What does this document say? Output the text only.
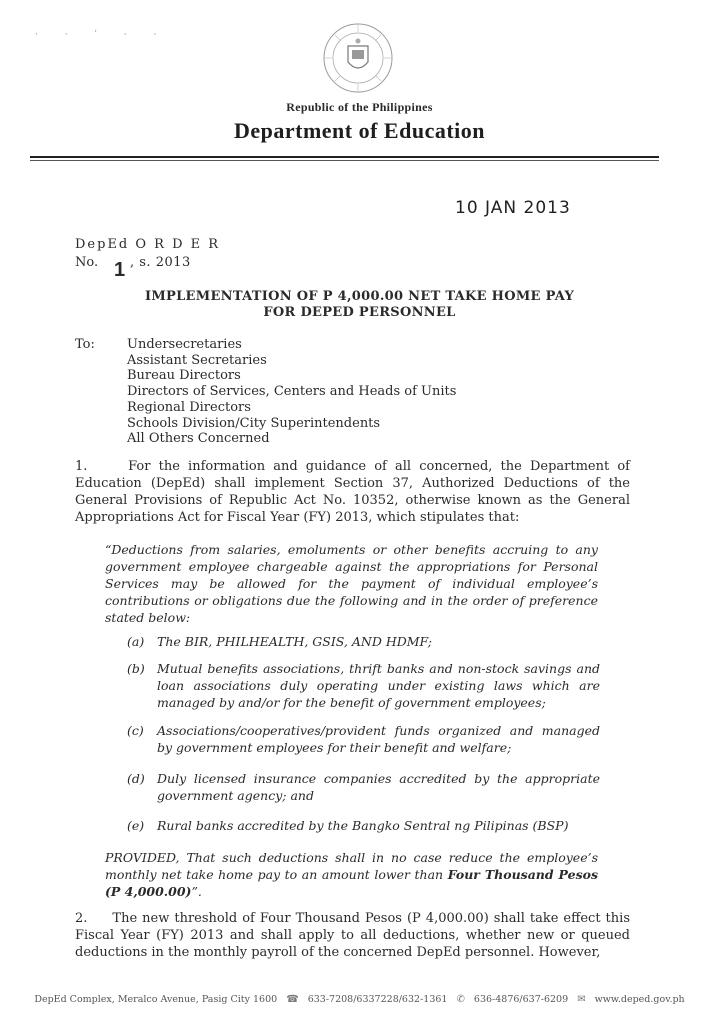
· · ˈ · ·
Republic of the Philippines
Department of Education
10 JAN 2013
DepEd O R D E R
No. 1 , s. 2013
IMPLEMENTATION OF P 4,000.00 NET TAKE HOME PAY
FOR DEPED PERSONNEL
To: Undersecretaries
Assistant Secretaries
Bureau Directors
Directors of Services, Centers and Heads of Units
Regional Directors
Schools Division/City Superintendents
All Others Concerned
1.     For the information and guidance of all concerned, the Department of Education (DepEd) shall implement Section 37, Authorized Deductions of the General Provisions of Republic Act No. 10352, otherwise known as the General Appropriations Act for Fiscal Year (FY) 2013, which stipulates that:
“Deductions from salaries, emoluments or other benefits accruing to any government employee chargeable against the appropriations for Personal Services may be allowed for the payment of individual employee’s contributions or obligations due the following and in the order of preference stated below:
(a) The BIR, PHILHEALTH, GSIS, AND HDMF;
(b) Mutual benefits associations, thrift banks and non-stock savings and loan associations duly operating under existing laws which are managed by and/or for the benefit of government employees;
(c) Associations/cooperatives/provident funds organized and managed by government employees for their benefit and welfare;
(d) Duly licensed insurance companies accredited by the appropriate government agency; and
(e) Rural banks accredited by the Bangko Sentral ng Pilipinas (BSP)
PROVIDED, That such deductions shall in no case reduce the employee’s monthly net take home pay to an amount lower than Four Thousand Pesos (P 4,000.00)”.
2.     The new threshold of Four Thousand Pesos (P 4,000.00) shall take effect this Fiscal Year (FY) 2013 and shall apply to all deductions, whether new or queued deductions in the monthly payroll of the concerned DepEd personnel. However,
DepEd Complex, Meralco Avenue, Pasig City 1600 ☎ 633-7208/6337228/632-1361 ✆ 636-4876/637-6209 ✉ www.deped.gov.ph
